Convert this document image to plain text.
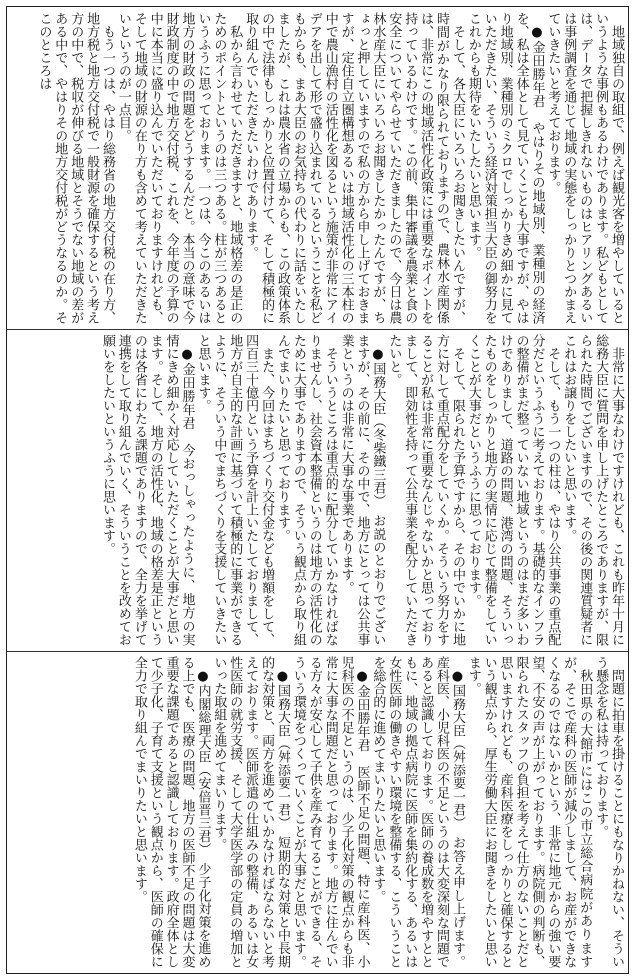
地域独自の取組で、例えば観光客を増やしているというような事例もあるわけであります。私どもとしては、データで把握しきれないものはヒアリングあるいは事例調査を通じて地域の実態をしっかりとつかまえていきたいと考えております。

●金田勝年君　やはりその地域別、業種別の経済を、私は全体として見ていくことも大事ですが、やはり地域別、業種別のミクロでしっかりきめ細かに見ていただきたい、そういう経済対策担当大臣の御努力をこれからも期待をいたしたいと思います。

そして、各大臣にいろいろお聞きしたいんですが、時間がかなり限られておりますので、農林水産関係は、非常にこの地域活性化政策には重要なポイントを持っているわけです。この前、集中審議を農業と食の安全についてやらせていただきましたので、今日は農林水産大臣にいろいろお聞きしたかったんですが、ちょっと押していますので私の方から申し上げておきますが、定住自立圏構想あるいは地域活性化の三本柱の中で農山漁村の活性化を図るという施策が非常にアイデアを出して形で盛り込まれているということを私どもからも、まあ大臣のお気持ちの代わりに話をいたしましたが、これは農水省の立場からも、この政策体系の中で法律もしっかりと位置付けて、そして積極的に取り組んでいただきたいわけであります。

私から言わせていただきますと、地域格差の是正のためのポイントというのは三つある。柱が三つあるというふうに思っております。一つは、今このあるいは地方の財政の問題をどうするんだと。本当の意味で今財政制度の中で地方交付税、これを、今年度の予算の中に本当に盛り込んでいただいておりますけれども、そして地域の財源の在り方も含めて考えていただきたいというのが一点目。

もう一つは、やはり総務省の地方交付税の在り方、地方税と地方交付税で一般財源を確保するという考え方の中で、税収が伸びる地域とそうでない地域の差がある中で、やはりその地方交付税がどうなるのか。そこのところは

非常に大事なわけですけれども、これも昨年十月に総務大臣に質問を申し上げたところでありますが、限られた時間でございますので、その後の関連質疑者にこれはお譲りをしたいと思います。

そして、もう一つの柱は、やはり公共事業の重点配分だというふうに考えております。基礎的なインフラの整備がまだ整っていない地域というのはまだ多いわけでありまして、道路の問題、港湾の問題、そういったものをしっかりと地方の実情に応じて整備をしていくことが大事だというふうに思っております。

そして、限られた予算ですから、その中でいかに地方に対して重点配分をしていくか。そういう努力をすることが私は非常に重要なんじゃないかと思っておりまして、即効性を持って公共事業を配分していただきたいと。

●国務大臣（冬柴鐵三君）　お説のとおりでございますが、その前に、その中で、地方にとっては公共事業というのは非常に大事な事業であります。

そういうところは重点的に配分していかなければなりませんし、社会資本整備というのは地方の活性化のために大事でありますので、そういう観点から取り組んでまいりたいと思っております。

また、今回はまちづくり交付金なども増額をして、四百三十億円という予算を計上いたしておりまして、地方が自主的な計画に基づいて積極的に事業ができるように、そういう中でまちづくりを支援していきたいと思います。

●金田勝年君　今おっしゃったように、地方の実情にきめ細かく対応していただくことが大事だと思います。そして、地方の活性化、地域の格差是正というのは各省にわたる課題でありますので、全力を挙げて連携をして取り組んでいく、そういうことを改めてお願いをしたいというふうに思います。

問題に拍車を掛けることにもなりかねない、そういう懸念を私は持っております。

秋田県の大館市にはこの市立総合病院がありますが、そこで産科の医師が減少しまして、お産ができなくなるのではないかという、非常に地元からの強い要望、不安の声が上がっております。病院側の判断も、限られたスタッフの負担を考えて仕方のないことだと思いますけれども、産科医療をしっかりと確保するという観点から、厚生労働大臣にお聞きをしたいと思います。

●国務大臣（舛添要一君）　お答え申し上げます。産科医、小児科医の不足というのは大変深刻な問題であると認識しております。医師の養成数を増やすとともに、地域の拠点病院に医師を集約化する、あるいは女性医師の働きやすい環境を整備する、こういうことを総合的に進めてまいりたいと思います。

●金田勝年君　医師不足の問題、特に産科医、小児科医の不足というのは、少子化対策の観点からも非常に大事な問題だと思っております。地方に住んでいる方々が安心して子供を産み育てることができる、そういう環境をつくっていくことが大事だと思います。

●国務大臣（舛添要一君）　短期的な対策と中長期的な対策と、両方を進めていかなければならないと考えております。医師派遣の仕組みの整備、あるいは女性医師の就労支援、そして大学医学部の定員の増加といった取組を進めてまいります。

●内閣総理大臣（安倍晋三君）　少子化対策を進める上でも、医療の問題、地方の医師不足の問題は大変重要な課題であると認識しております。政府全体として少子化、子育て支援という観点から、医師の確保に全力で取り組んでまいりたいと思います。
